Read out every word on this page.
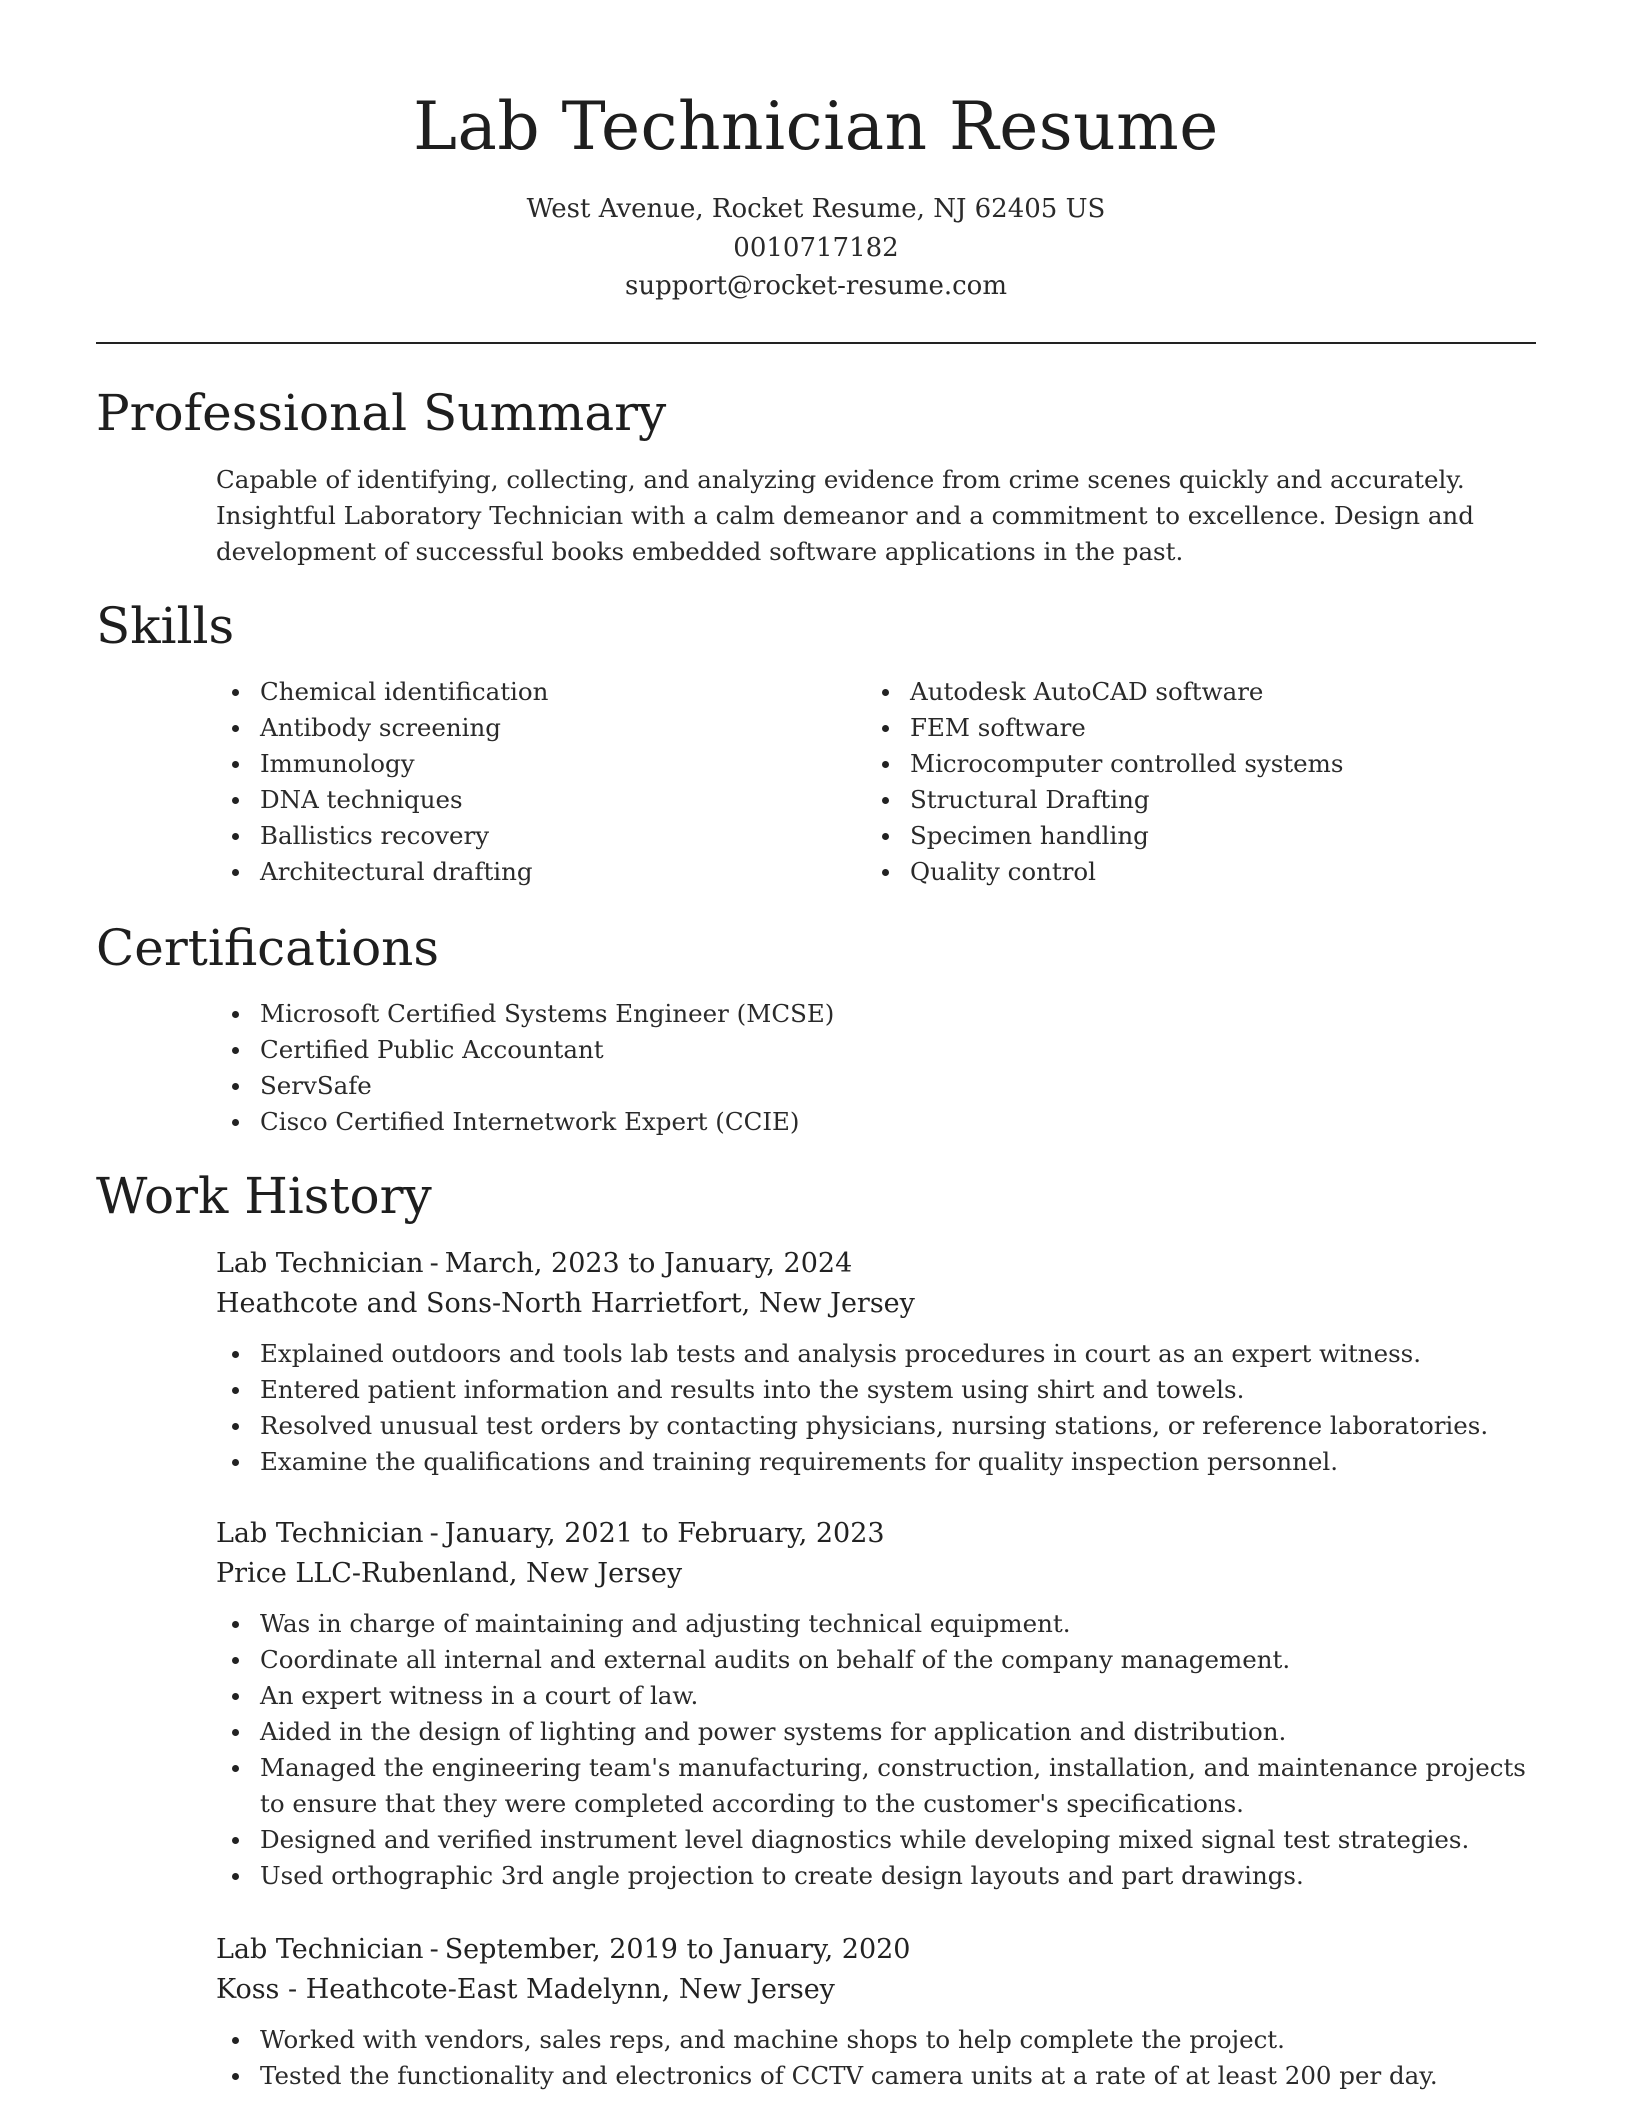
Lab Technician Resume
West Avenue, Rocket Resume, NJ 62405 US
0010717182
support@rocket-resume.com
Professional Summary
Capable of identifying, collecting, and analyzing evidence from crime scenes quickly and accurately. Insightful Laboratory Technician with a calm demeanor and a commitment to excellence. Design and development of successful books embedded software applications in the past.
Skills
Chemical identification
Antibody screening
Immunology
DNA techniques
Ballistics recovery
Architectural drafting
Autodesk AutoCAD software
FEM software
Microcomputer controlled systems
Structural Drafting
Specimen handling
Quality control
Certifications
Microsoft Certified Systems Engineer (MCSE)
Certified Public Accountant
ServSafe
Cisco Certified Internetwork Expert (CCIE)
Work History
Lab Technician - March, 2023 to January, 2024
Heathcote and Sons-North Harrietfort, New Jersey
Explained outdoors and tools lab tests and analysis procedures in court as an expert witness.
Entered patient information and results into the system using shirt and towels.
Resolved unusual test orders by contacting physicians, nursing stations, or reference laboratories.
Examine the qualifications and training requirements for quality inspection personnel.
Lab Technician - January, 2021 to February, 2023
Price LLC-Rubenland, New Jersey
Was in charge of maintaining and adjusting technical equipment.
Coordinate all internal and external audits on behalf of the company management.
An expert witness in a court of law.
Aided in the design of lighting and power systems for application and distribution.
Managed the engineering team's manufacturing, construction, installation, and maintenance projects to ensure that they were completed according to the customer's specifications.
Designed and verified instrument level diagnostics while developing mixed signal test strategies.
Used orthographic 3rd angle projection to create design layouts and part drawings.
Lab Technician - September, 2019 to January, 2020
Koss - Heathcote-East Madelynn, New Jersey
Worked with vendors, sales reps, and machine shops to help complete the project.
Tested the functionality and electronics of CCTV camera units at a rate of at least 200 per day.
